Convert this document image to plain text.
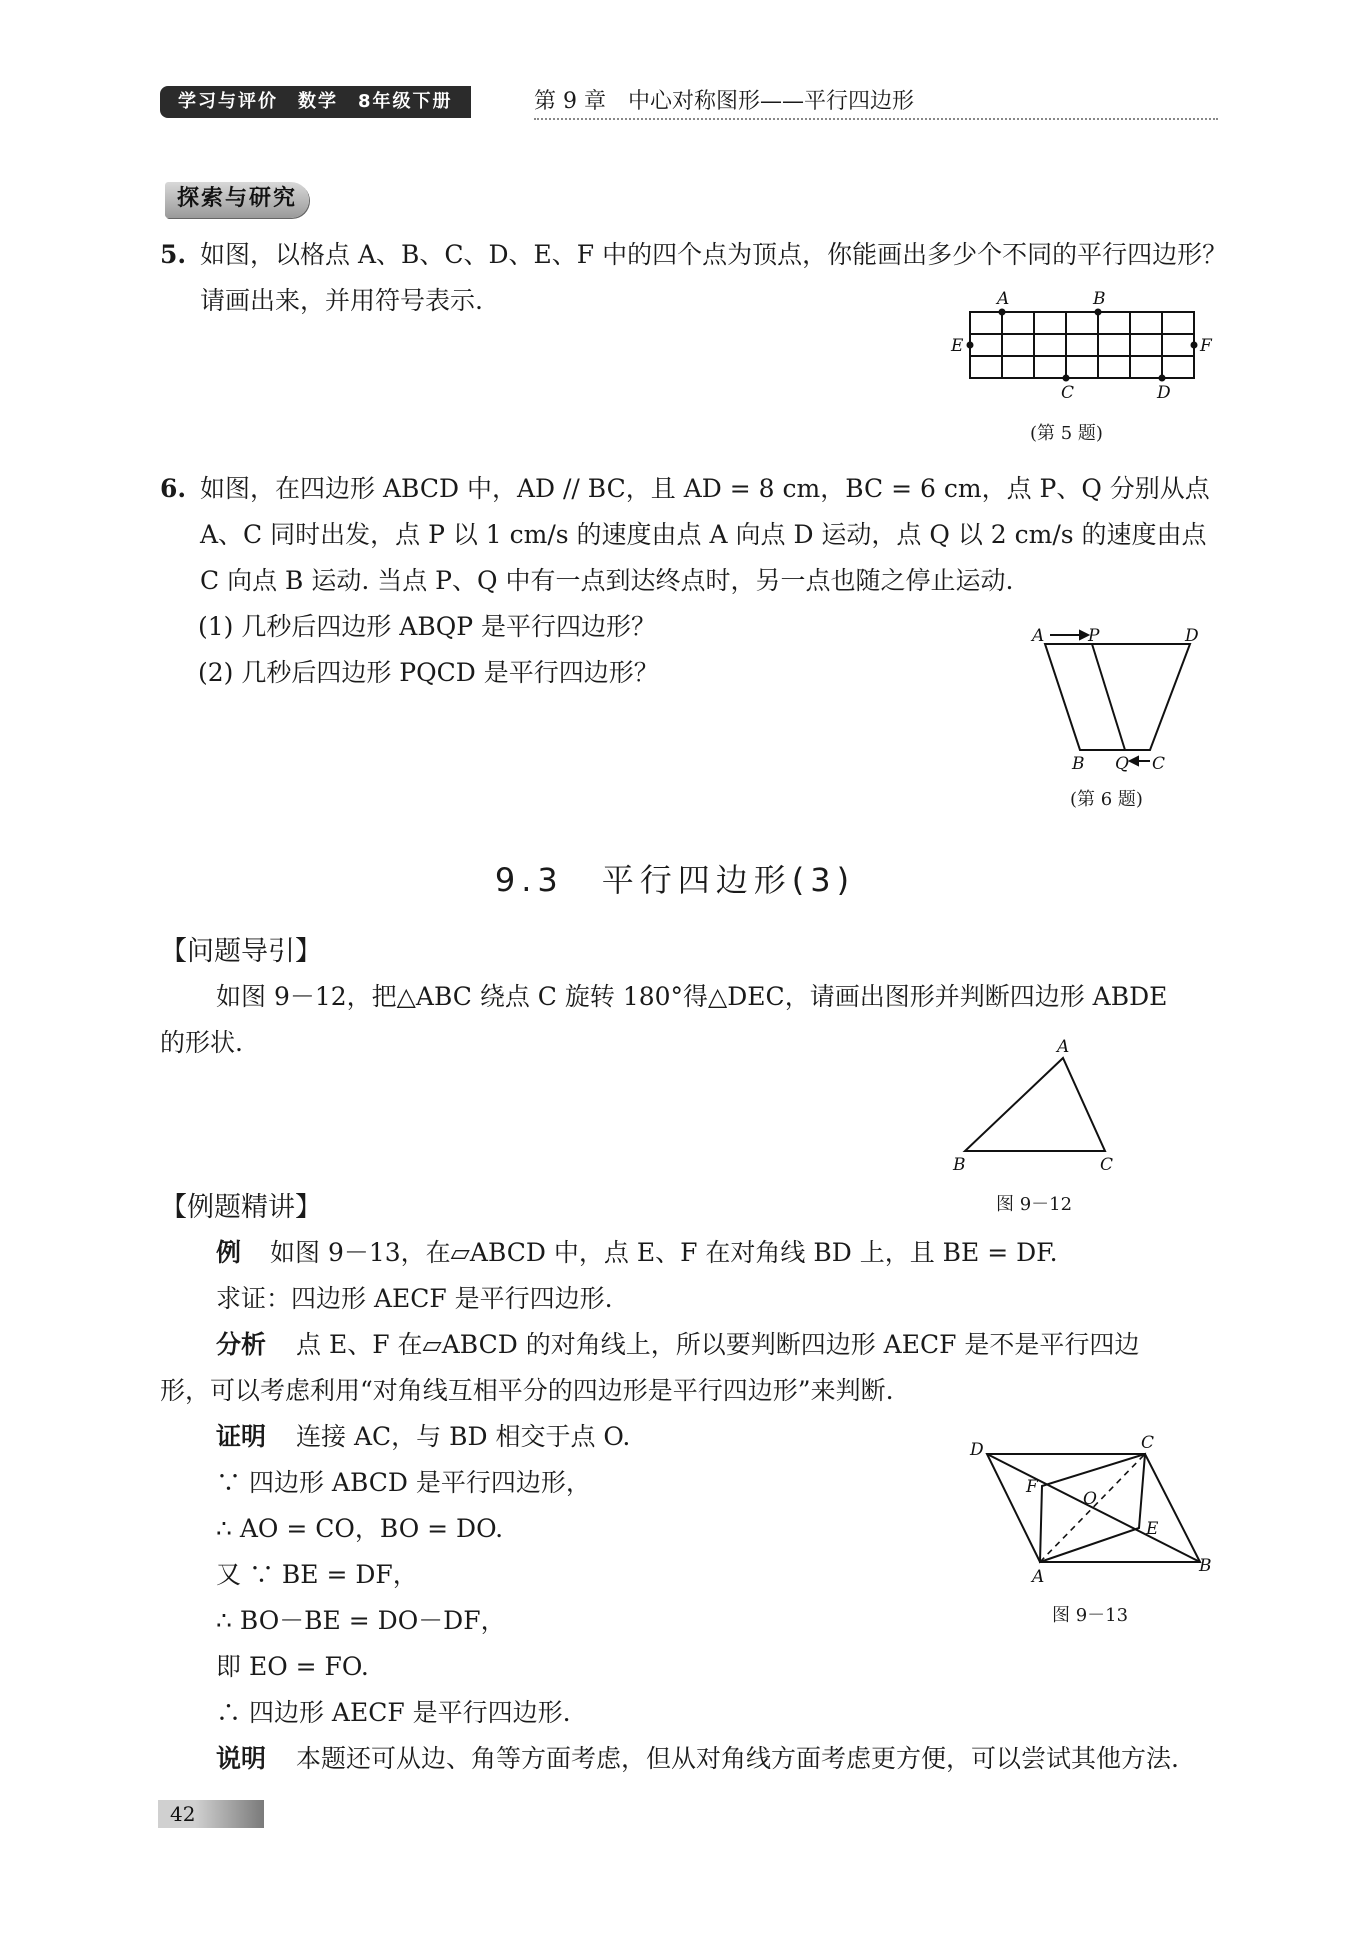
学习与评价　数学　8年级下册	第 9 章　中心对称图形——平行四边形
探索与研究
5. 如图，以格点 A、B、C、D、E、F 中的四个点为顶点，你能画出多少个不同的平行四边形？
请画出来，并用符号表示.	A	B
C	D
E	F
(第 5 题)
6. 如图，在四边形 ABCD 中，AD // BC，且 AD = 8 cm，BC = 6 cm，点 P、Q 分别从点
A、C 同时出发，点 P 以 1 cm/s 的速度由点 A 向点 D 运动，点 Q 以 2 cm/s 的速度由点
C 向点 B 运动. 当点 P、Q 中有一点到达终点时，另一点也随之停止运动.
(1) 几秒后四边形 ABQP 是平行四边形？
(2) 几秒后四边形 PQCD 是平行四边形？
A	P	D
B Q C
(第 6 题)
9.3　平行四边形(3)
【问题导引】
如图 9－12，把△ABC 绕点 C 旋转 180°得△DEC，请画出图形并判断四边形 ABDE
的形状.	A
B	C
图 9－12
【例题精讲】
例 如图 9－13，在▱ABCD 中，点 E、F 在对角线 BD 上，且 BE = DF.
求证：四边形 AECF 是平行四边形.
分析 点 E、F 在▱ABCD 的对角线上，所以要判断四边形 AECF 是不是平行四边
形，可以考虑利用“对角线互相平分的四边形是平行四边形”来判断.
证明 连接 AC，与 BD 相交于点 O.
∵ 四边形 ABCD 是平行四边形，
∴ AO = CO，BO = DO.
又 ∵ BE = DF，
∴ BO－BE = DO－DF，
即 EO = FO.
∴ 四边形 AECF 是平行四边形.
说明 本题还可从边、角等方面考虑，但从对角线方面考虑更方便，可以尝试其他方法.
D	C
F
O
E
A
B
图 9－13
42
